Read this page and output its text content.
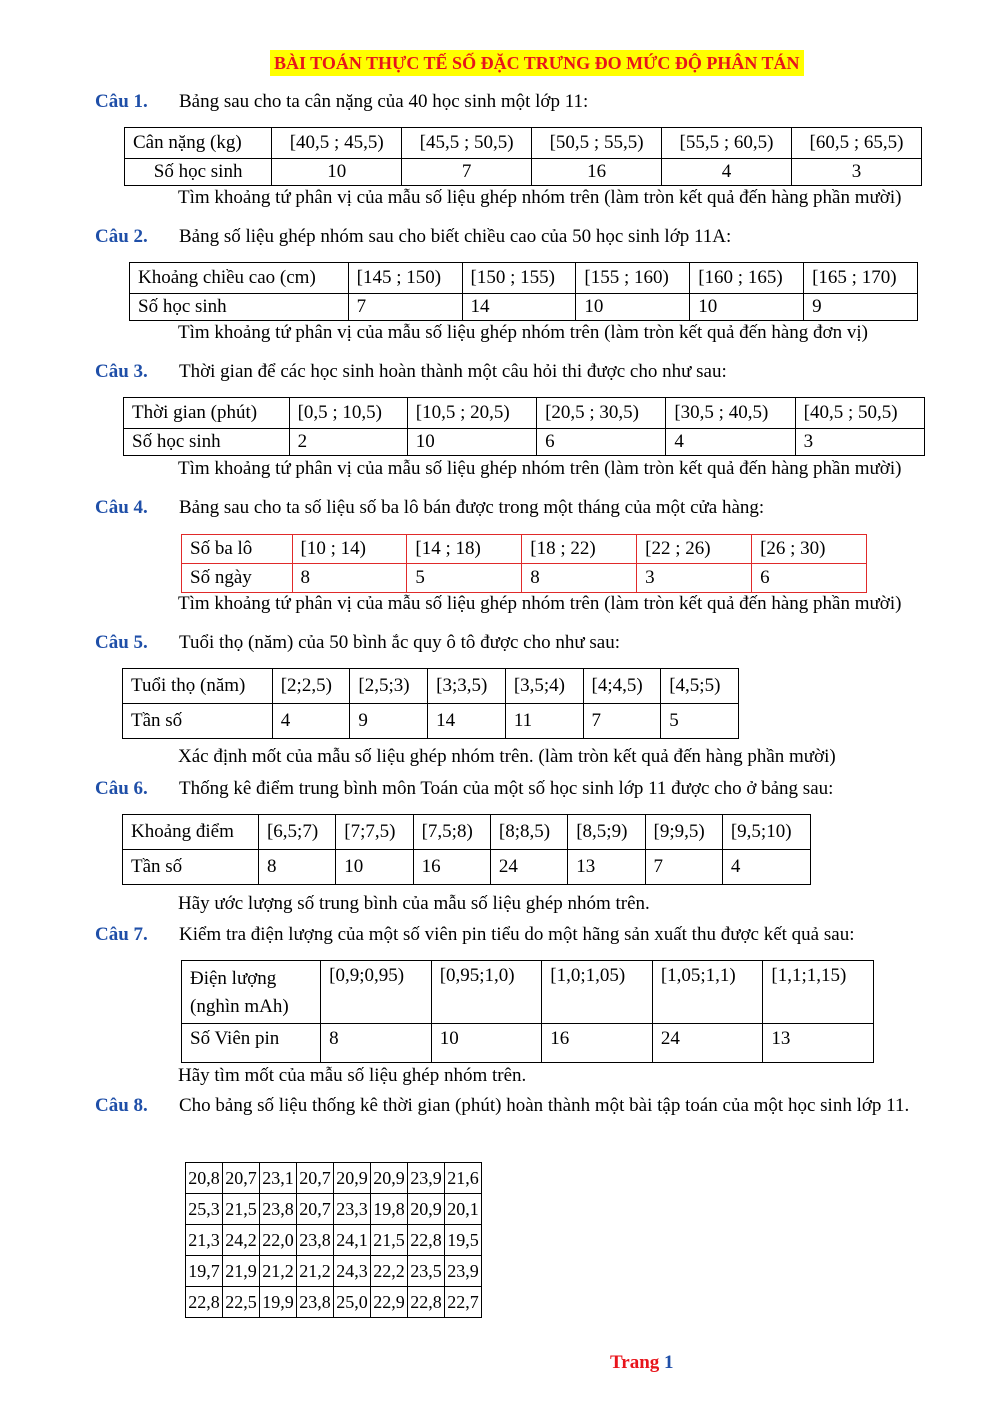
BÀI TOÁN THỰC TẾ SỐ ĐẶC TRƯNG ĐO MỨC ĐỘ PHÂN TÁN
Câu 1.	Bảng sau cho ta cân nặng của 40 học sinh một lớp 11:
Cân nặng (kg)	[40,5 ; 45,5)	[45,5 ; 50,5)	[50,5 ; 55,5)	[55,5 ; 60,5)	[60,5 ; 65,5)
Số học sinh	10	7	16	4	3
Tìm khoảng tứ phân vị của mẫu số liệu ghép nhóm trên (làm tròn kết quả đến hàng phần mười)
Câu 2.	Bảng số liệu ghép nhóm sau cho biết chiều cao của 50 học sinh lớp 11A:
Khoảng chiều cao (cm)	[145 ; 150)	[150 ; 155)	[155 ; 160)	[160 ; 165)	[165 ; 170)
Số học sinh	7	14	10	10	9
Tìm khoảng tứ phân vị của mẫu số liệu ghép nhóm trên (làm tròn kết quả đến hàng đơn vị)
Câu 3.	Thời gian để các học sinh hoàn thành một câu hỏi thi được cho như sau:
Thời gian (phút)	[0,5 ; 10,5)	[10,5 ; 20,5)	[20,5 ; 30,5)	[30,5 ; 40,5)	[40,5 ; 50,5)
Số học sinh	2	10	6	4	3
Tìm khoảng tứ phân vị của mẫu số liệu ghép nhóm trên (làm tròn kết quả đến hàng phần mười)
Câu 4.	Bảng sau cho ta số liệu số ba lô bán được trong một tháng của một cửa hàng:
Số ba lô	[10 ; 14)	[14 ; 18)	[18 ; 22)	[22 ; 26)	[26 ; 30)
Số ngày	8	5	8	3	6
Tìm khoảng tứ phân vị của mẫu số liệu ghép nhóm trên (làm tròn kết quả đến hàng phần mười)
Câu 5.	Tuổi thọ (năm) của 50 bình ắc quy ô tô được cho như sau:
Tuổi thọ (năm)	[2;2,5)	[2,5;3)	[3;3,5)	[3,5;4)	[4;4,5)	[4,5;5)
Tần số	4	9	14	11	7	5
Xác định mốt của mẫu số liệu ghép nhóm trên. (làm tròn kết quả đến hàng phần mười)
Câu 6.	Thống kê điểm trung bình môn Toán của một số học sinh lớp 11 được cho ở bảng sau:
Khoảng điểm	[6,5;7)	[7;7,5)	[7,5;8)	[8;8,5)	[8,5;9)	[9;9,5)	[9,5;10)
Tần số	8	10	16	24	13	7	4
Hãy ước lượng số trung bình của mẫu số liệu ghép nhóm trên.
Câu 7.	Kiểm tra điện lượng của một số viên pin tiểu do một hãng sản xuất thu được kết quả sau:
Điện lượng
(nghìn mAh)	[0,9;0,95)	[0,95;1,0)	[1,0;1,05)	[1,05;1,1)	[1,1;1,15)
Số Viên pin	8	10	16	24	13
Hãy tìm mốt của mẫu số liệu ghép nhóm trên.
Câu 8.	Cho bảng số liệu thống kê thời gian (phút) hoàn thành một bài tập toán của một học sinh lớp 11.
20,8	20,7	23,1	20,7	20,9	20,9	23,9	21,6
25,3	21,5	23,8	20,7	23,3	19,8	20,9	20,1
21,3	24,2	22,0	23,8	24,1	21,5	22,8	19,5
19,7	21,9	21,2	21,2	24,3	22,2	23,5	23,9
22,8	22,5	19,9	23,8	25,0	22,9	22,8	22,7
Trang 1
